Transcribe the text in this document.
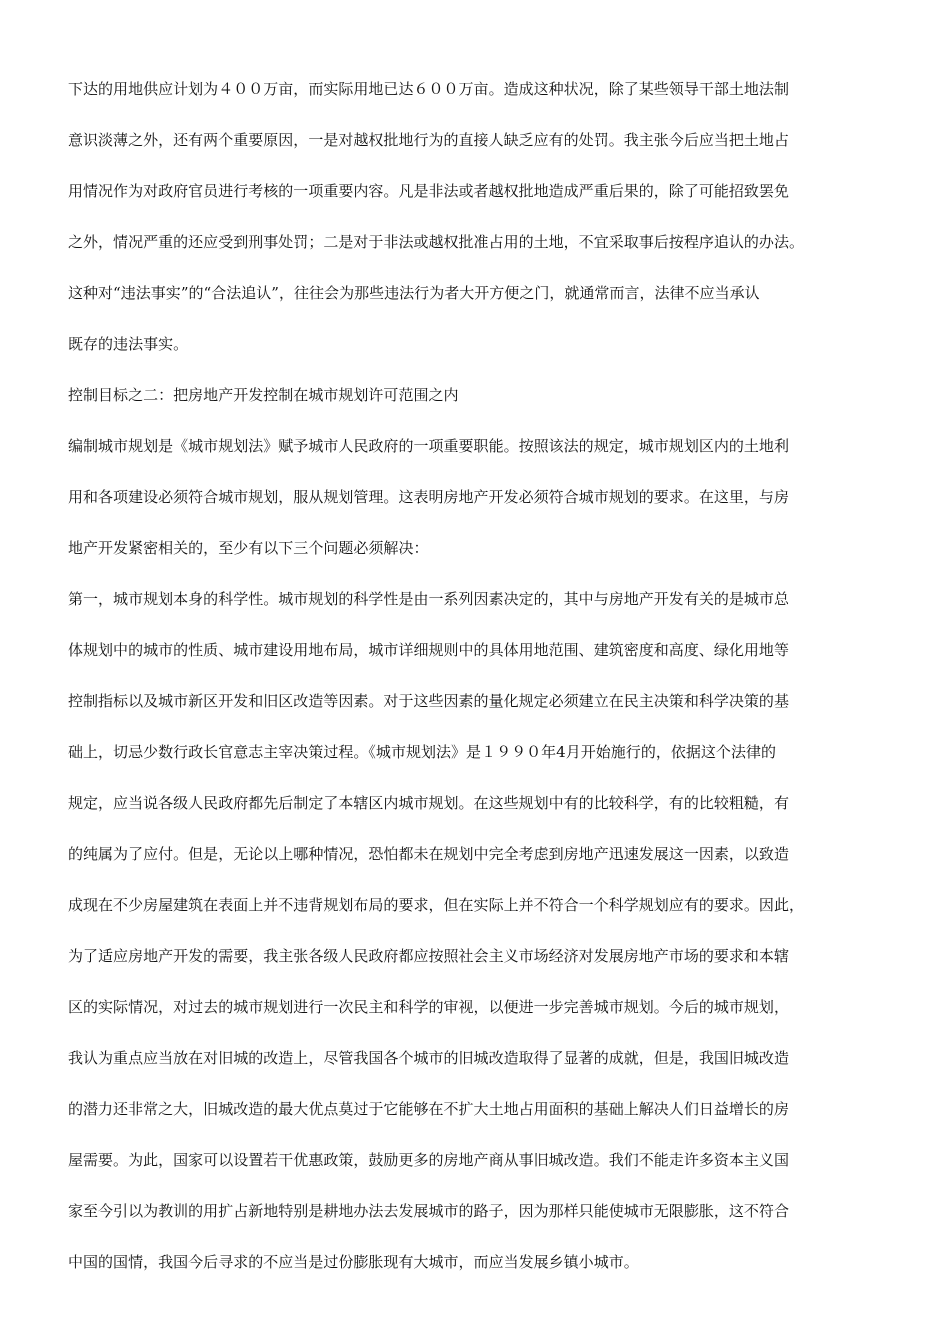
下达的用地供应计划为４００万亩，而实际用地已达６００万亩。造成这种状况，除了某些领导干部土地法制
意识淡薄之外，还有两个重要原因，一是对越权批地行为的直接人缺乏应有的处罚。我主张今后应当把土地占
用情况作为对政府官员进行考核的一项重要内容。凡是非法或者越权批地造成严重后果的，除了可能招致罢免
之外，情况严重的还应受到刑事处罚；二是对于非法或越权批准占用的土地，不宜采取事后按程序追认的办法。
这种对“违法事实”的“合法追认”，往往会为那些违法行为者大开方便之门，就通常而言，法律不应当承认
既存的违法事实。
控制目标之二：把房地产开发控制在城市规划许可范围之内
编制城市规划是《城市规划法》赋予城市人民政府的一项重要职能。按照该法的规定，城市规划区内的土地利
用和各项建设必须符合城市规划，服从规划管理。这表明房地产开发必须符合城市规划的要求。在这里，与房
地产开发紧密相关的，至少有以下三个问题必须解决：
第一，城市规划本身的科学性。城市规划的科学性是由一系列因素决定的，其中与房地产开发有关的是城市总
体规划中的城市的性质、城市建设用地布局，城市详细规则中的具体用地范围、建筑密度和高度、绿化用地等
控制指标以及城市新区开发和旧区改造等因素。对于这些因素的量化规定必须建立在民主决策和科学决策的基
础上，切忌少数行政长官意志主宰决策过程。《城市规划法》是１９９０年4月开始施行的，依据这个法律的
规定，应当说各级人民政府都先后制定了本辖区内城市规划。在这些规划中有的比较科学，有的比较粗糙，有
的纯属为了应付。但是，无论以上哪种情况，恐怕都未在规划中完全考虑到房地产迅速发展这一因素，以致造
成现在不少房屋建筑在表面上并不违背规划布局的要求，但在实际上并不符合一个科学规划应有的要求。因此，
为了适应房地产开发的需要，我主张各级人民政府都应按照社会主义市场经济对发展房地产市场的要求和本辖
区的实际情况，对过去的城市规划进行一次民主和科学的审视，以便进一步完善城市规划。今后的城市规划，
我认为重点应当放在对旧城的改造上，尽管我国各个城市的旧城改造取得了显著的成就，但是，我国旧城改造
的潜力还非常之大，旧城改造的最大优点莫过于它能够在不扩大土地占用面积的基础上解决人们日益增长的房
屋需要。为此，国家可以设置若干优惠政策，鼓励更多的房地产商从事旧城改造。我们不能走许多资本主义国
家至今引以为教训的用扩占新地特别是耕地办法去发展城市的路子，因为那样只能使城市无限膨胀，这不符合
中国的国情，我国今后寻求的不应当是过份膨胀现有大城市，而应当发展乡镇小城市。
